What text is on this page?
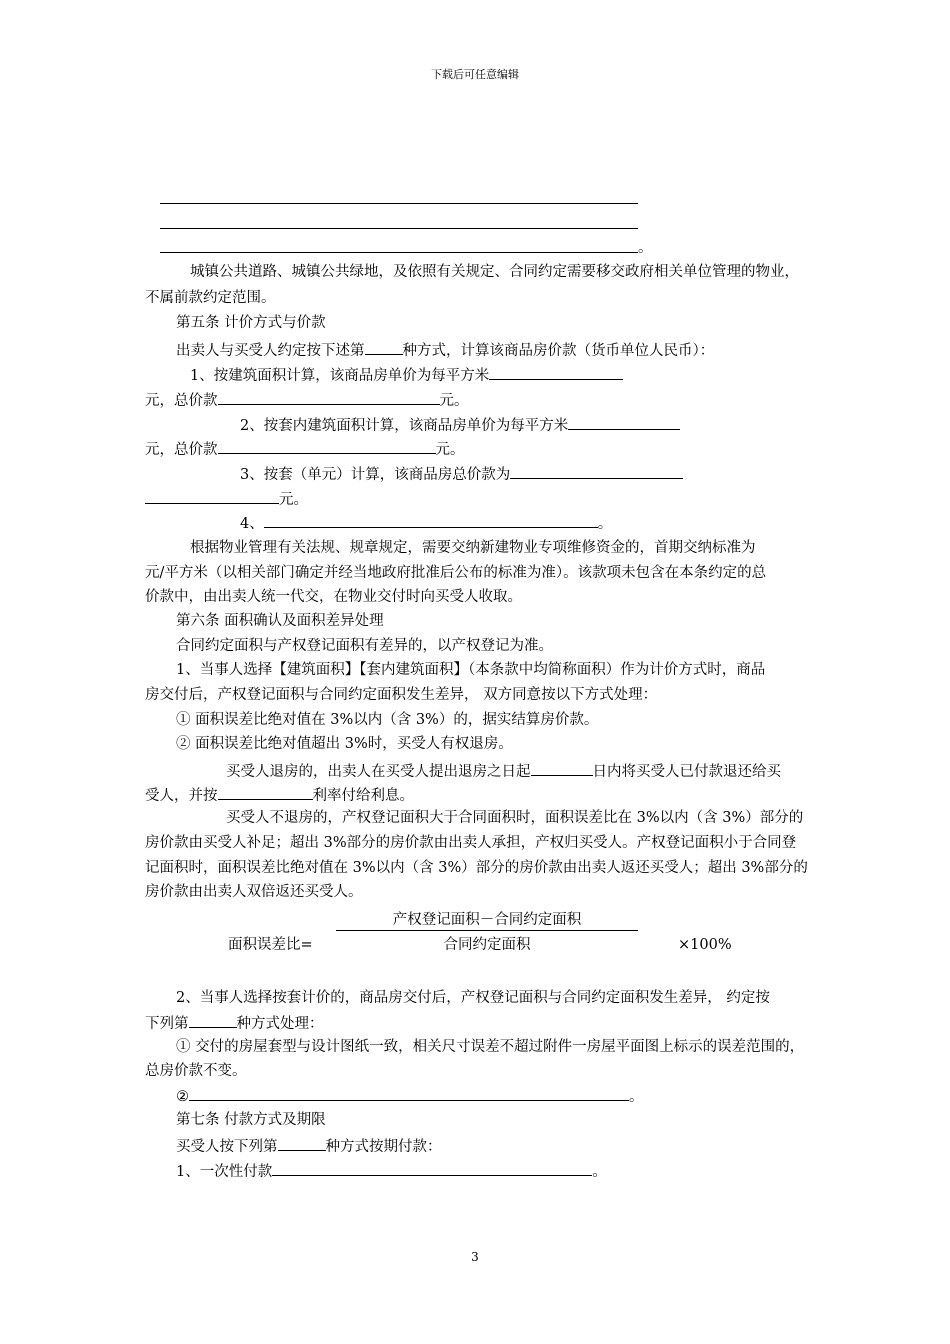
下载后可任意编辑
。
城镇公共道路、城镇公共绿地，及依照有关规定、合同约定需要移交政府相关单位管理的物业，
不属前款约定范围。
第五条 计价方式与价款
出卖人与买受人约定按下述第	种方式，计算该商品房价款（货币单位人民币）：
1、按建筑面积计算，该商品房单价为每平方米
元，总价款	元。
2、按套内建筑面积计算，该商品房单价为每平方米
元，总价款	元。
3、按套（单元）计算，该商品房总价款为
元。
4、	。
根据物业管理有关法规、规章规定，需要交纳新建物业专项维修资金的，首期交纳标准为
元/平方米（以相关部门确定并经当地政府批准后公布的标准为准）。该款项未包含在本条约定的总
价款中，由出卖人统一代交，在物业交付时向买受人收取。
第六条 面积确认及面积差异处理
合同约定面积与产权登记面积有差异的，以产权登记为准。
1、当事人选择【建筑面积】【套内建筑面积】（本条款中均简称面积）作为计价方式时，商品
房交付后，产权登记面积与合同约定面积发生差异， 双方同意按以下方式处理：
① 面积误差比绝对值在 3%以内（含 3%）的，据实结算房价款。
② 面积误差比绝对值超出 3%时，买受人有权退房。
买受人退房的，出卖人在买受人提出退房之日起	日内将买受人已付款退还给买
受人，并按	利率付给利息。
买受人不退房的，产权登记面积大于合同面积时，面积误差比在 3%以内（含 3%）部分的
房价款由买受人补足；超出 3%部分的房价款由出卖人承担，产权归买受人。产权登记面积小于合同登
记面积时，面积误差比绝对值在 3%以内（含 3%）部分的房价款由出卖人返还买受人；超出 3%部分的
房价款由出卖人双倍返还买受人。
产权登记面积－合同约定面积
面积误差比=	合同约定面积	×100%
2、当事人选择按套计价的，商品房交付后，产权登记面积与合同约定面积发生差异， 约定按
下列第	种方式处理：
① 交付的房屋套型与设计图纸一致，相关尺寸误差不超过附件一房屋平面图上标示的误差范围的，
总房价款不变。
②	。
第七条 付款方式及期限
买受人按下列第	种方式按期付款：
1、一次性付款	。
3
